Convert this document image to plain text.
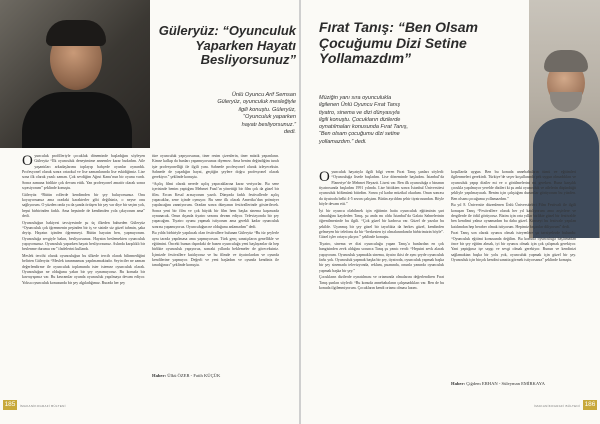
Güleryüz: “Oyunculuk Yaparken Hayatı Besliyorsunuz”
Ünlü Oyuncu Arif Semsan
Güleryüz, oyunculuk mesleğiyle
ilgili konuştu. Güleryüz,
“Oyunculuk yaparken
hayatı besliyorsunuz.”
dedi.

Oyunculuk profilleriyle çocukluk döneminde başladığını söyleyen Güleryüz “İlk oyunculuk deneyimime annemler karar budadım. Aile yaşantıları arkadaşlarımı toplayıp bahçede oyunlar oynardık. Profesyonel olarak sonra ortaokul ve lise zamanlarında lise eskidiğimiz. Lise sona ilk olarak yazılı zaman. Çok sevdiğim Ağrut Kanu’nun bir oyunu vardı. Sonra zamana birlikte çok devam ettik. Yan profesyonel amatör olarak sonra sıyasiyorum” şeklinde konuştu.

Güleryüz “Bütün rollerde kendimden bir şey buluyorsunuz. Onu koyuyorsunuz ama oradaki karakterler gibi değilsiniz, o neyse onu sağlıyorum. O yüzden onda ya da şunda örtüşen bir şey var diye bir seçim yok, hepsi birbirinden farklı. Ama hepsinde de kendimden yola çıkıyorum ama” dedi.

Oyunculuğun hakiyesi tavsiyesinde şu üç ilkeden bahseden Güleryüz “Oyunculuk çok iğrenmenin peşinden bir iş ve sizinle siz güzel tahmin, şaka deyip. Hayatın içinden öğrenmeyi. Bütün hayatın ben, yapmıyorum. Oyunculuğa sevgiyle bakın, besliyorsunuz. Hayatın beslemekten oyunculuk yapıyorsunuz. Oyunculuk yaparken hayatı besliyorsunuz. Aslında karşılıklı bir beslenme durumu var” ifadelerini kullandı.

Meslek tercihi olarak oyunculuğun bu ülkede tercih olarak bilinmediğini belirten Güleryüz “Meslek tanınmamızı yapılmamaktadır. Seyirciler ne zaman değerlendirme ile oyunculuk toplamında ister istemez oyunculuk olarak. Oyunculuğun ne olduğunu yakın bir şey oynamıyoruz. Bu konuda bir kavrayışımız var. Bu kavramlar oyunda oyunculuk yapılmaya devam ediyor. Yoksa oyunculuk konusunda bir şey algıladığımız. Burada her şey

türe oyunculuk yapıyorsunuz, tiner resim çizenlerin, tiner müzik yapanların. Kimse kalkıp da bunları yapamıyorsunuz diyemez. Ama benim değindiğim tarafı işte profesyonelliği ile ilgili yanı. Sahnede profesyonel olarak izleyeceksin. Sahnede de yaşadığın hayat, geçtiğin şeylere doğru profesyonel olarak gerekiyor.” şeklinde konuştu.

“Açılış filmi olarak nerede açılış yapacaklarına karar veriyorlar. Bu sene içerisinde benim yaptığım Mehmet Fazıl’ın yönettiği bir film çok da güzel bir film. Ercan Kesal arasıyorum yazdı. Dünyada farklı festivallerde açılış yapacaklar, sene içinde oynuyor. Bu sene ilk olarak Amerika’dan prömiyer yapılacağını zanniyorum. Oradan sonra dünyanın festivallerinde gösterilecek. Sonra yeni bir film ve çok büyük bir film hem başka sinema kaşımızda oynanacak. Onun dışında tiyatro sezonu devam ediyor. Televizyonda bir şey yapacağım. Tiyatro oyunu yapmak istiyorum ama gerekli kadar oyunculuk sonrası yapamıyoruz. Oyunculuğun ne olduğunu anlamadım” dedi.

Bu yılda birbiriyle yapılacak olan festivallere bulunan Güleryüz “Bu tür şeylerle aynı tarzda yapılmasa ama yapmıyorsun. Türk genç sanatçıların genellikle ve eğitimini. Önceki bunun dışındaki de bazen oyunculuğa yeni başlayanlar da hep birlikte oyunculuk yapıyoruz, sonraki yıllarda beklemeler de göreceksiniz. İçimizde festivallere katılıyoruz ve bu filmde ve tiyatrolardan ve oyunda kendilerine yapmıyor. Değerli ve yeni başladım ve oyunda kendiniz ile tanıdığınızı” şeklinde konuştu.

Haber: Ülkü ÖZER - Fatih KÜÇÜK
185	İMAKANİKOGRAFİ BÜLTENİ
Fırat Tanış: “Ben Olsam Çocuğumu Dizi Setine Yollamazdım”
Müziğin yanı sıra oyunculukla
ilgilenen Ünlü Oyuncu Fırat Tanış
tiyatro, sinema ve dizi dünyasıyla
ilgili konuştu. Çocukların dizilerde
oynatılmaları konusunda Fırat Tanış,
“Ben olsam çocuğumu dizi setine
yollamazdım.” dedi.

Oyunculuk hayatıyla ilgili bilgi veren Fırat Tanış şunları söyledi: “Oyunculuğa lisede başladım. Lise döneminde başladım. İstanbul’da Flaneriye’de Mehmet Beyazit. Lisesi var. Ben ilk oyunculuğa o binanın tiyatrosunda başladım 1991 yılında. Lise bittikten sonra İstanbul Üniversitesi oyunculuk bölümünü bitirdim. Sonra yıl kadar müzikal okudum. Onun sonrası da tiyatroda belki 4-5 sezon çalıştım. Bütün ayrıldım şehir tiyatrosundan. Böyle böyle devam etti.”

İyi bir oyuncu olabilmek için eğitimin hatta oyunculuk eğitiminin şart olmadığını kaydeden Tanış, şu anda mı oldu İstanbul’da Galata Sahnelerinin öğrenilmesinde bu ilgili. “Çok güzel bir kadrosu var. Güzel de yazılar bu şekilde. Uyanmış bir şey güzel bir tayırlıkta da herkes güzel, kendinden gelmeyen bir telefonu da bir “herkesten iyi olmalarındandır birbirimizin böyle”. Güzel işler ortaya çıkıyor.” şeklinde konuştu.

Tiyatro, sinema ve dizi oyunculuğu yapan Tanış’a bunlardan en çok hangisinden zevk aldığını sorunca Tanış şu yanıtı verdi: “Hepsini zevk alarak yapıyorum. Oyunculuk yapmakla sinema, tiyatro ikisi de aynı şeyde oyunculuk farkı yok. Oyunculuk yapmak başka bir şey, tiyatroda, oyunculuk yapmak başka bir şey sinemada televizyonda, reklam, puanında, onunla yanında oyunculuk yapmak başka bir şey.”

Çocukların dizilerde oynatılması ve ortamında olmalarını değerlendiren Fırat Tanış şunları söyledi: “Bu konuda annebabaların çalışmadıkları var. Ben de bu konuda ilgilenmiyorum. Çocukların kendi ortamı olması lazım.

koşullarda uygun. Ben bu konuda annebabaların tümü ve eğitimleri ilgilenmeleri gerekirdi. Türkiye’de seçer koşullarında pek uygun olmadıkları ve oyunculuk yapıp diziler mi ve o görülmelerini mi gereken. Buna karşılık çocukla yapılmıyor yerelde dizileri ki şu anki oyunculuk ve ailelerin düşündüğü şekliyle yapılmayacak. Benim için çalıştığım durumlar görüyorum bu yüzden. Ben olsam çocuğumu yollamazdım.”

Bu yıl 8. Üniversite düzenlenen Ünlü Üniversiteleri Film Festivali ile ilgili konuşan Tanış “Festivallere olarak her yıl katılıyorum ama arşivlere ve dergilerde ile ödül görüyoruz. Bizim için orta yıllar birlikte güzel bir festivalde ben kendimi yalnız oynamadım bu daha güzel. Kimseyi bu festivale yapılan katılımdan hep beraber olmak istiyorum. Hepimiz başarılar diliyorum” dedi.

Fırat Tanış son olarak oyuncu olmak isteyenlere şu tavsiyelerde bulundu: “Oyunculuk eğitimi konusunda değilim. Bu konuda oyunculuğa başlamadan önce bir şey eğitim almak, iyi bir oyuncu olmak için çok çalışmak gerekiyor. Yani yaptığınız işe saygı ve sevgi olmak gerekiyor. Bunun ve kendinizi sağlamaktan başka bir yolu yok, oyunculuk yapmak için güzel bir şey. Oyunculuk için birçok kendini sanatta görmek istiyorsanız” şeklinde konuştu.

Haber: Çiğdem ERHAN - Süleyman EMİRKAYA
İMAKANİKOGRAFİ BÜLTENİ 186
